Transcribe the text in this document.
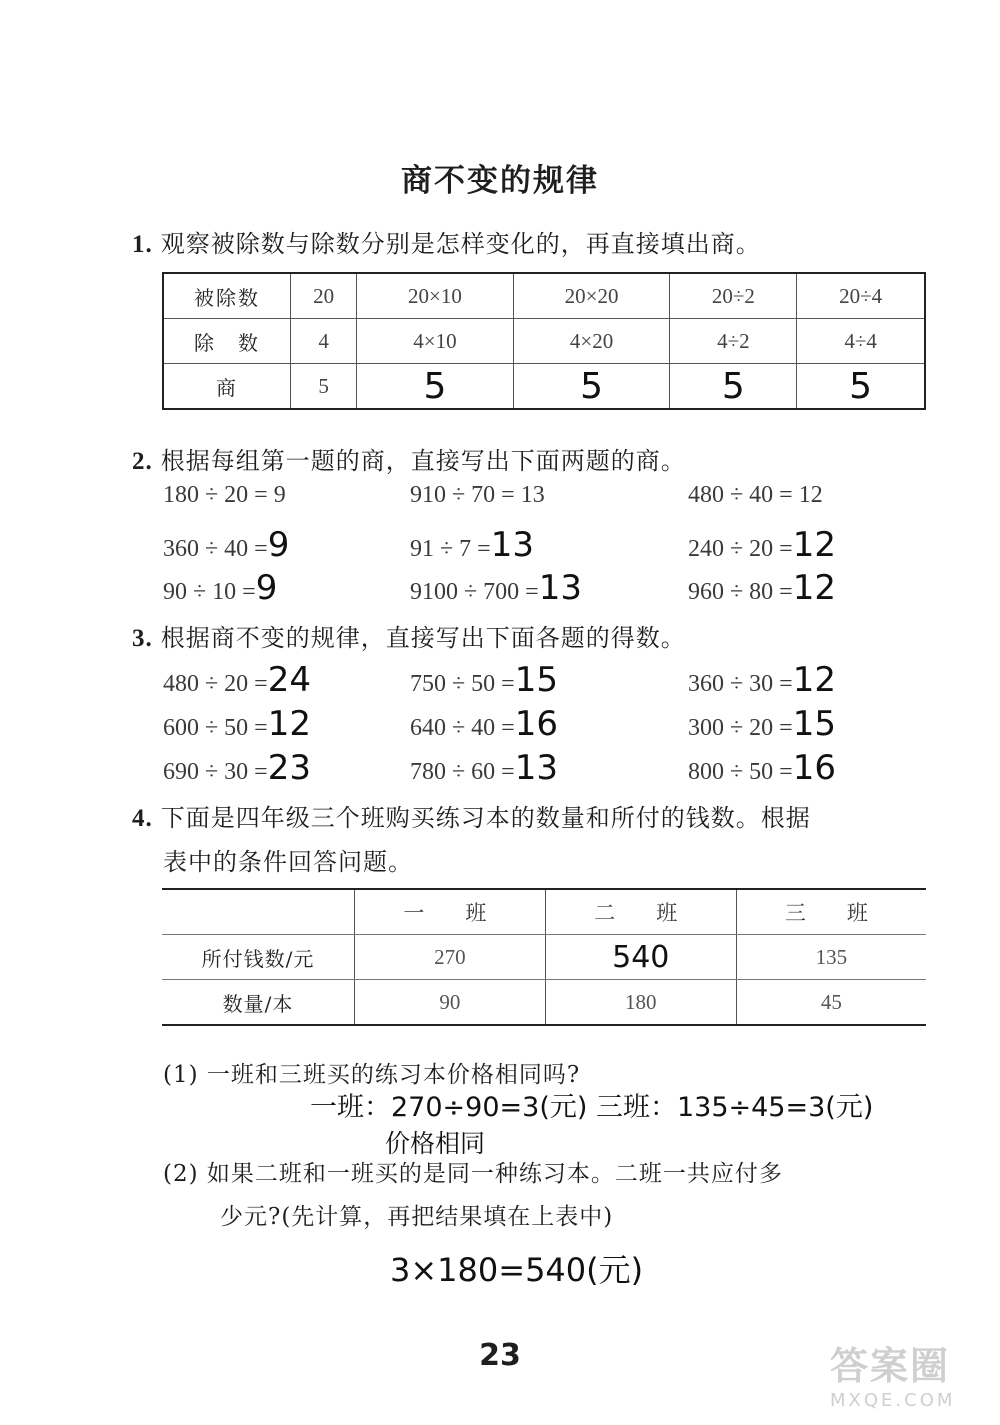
商不变的规律
1. 观察被除数与除数分别是怎样变化的，再直接填出商。
被除数	20	20×10	20×20	20÷2	20÷4
除　数	4	4×10	4×20	4÷2	4÷4
商	5	5	5	5	5
2. 根据每组第一题的商，直接写出下面两题的商。
180 ÷ 20 = 9
360 ÷ 40 =9
90 ÷ 10 =9
910 ÷ 70 = 13
91 ÷ 7 =13
9100 ÷ 700 =13
480 ÷ 40 = 12
240 ÷ 20 =12
960 ÷ 80 =12
3. 根据商不变的规律，直接写出下面各题的得数。
480 ÷ 20 =24
600 ÷ 50 =12
690 ÷ 30 =23
750 ÷ 50 =15
640 ÷ 40 =16
780 ÷ 60 =13
360 ÷ 30 =12
300 ÷ 20 =15
800 ÷ 50 =16
4. 下面是四年级三个班购买练习本的数量和所付的钱数。根据
表中的条件回答问题。
	一　班	二　班	三　班
所付钱数/元	270	540	135
数量/本	90	180	45
(1) 一班和三班买的练习本价格相同吗?
一班：270÷90=3(元) 三班：135÷45=3(元)
价格相同
(2) 如果二班和一班买的是同一种练习本。二班一共应付多
少元?(先计算，再把结果填在上表中)
3×180=540(元)
23	答案圈
MXQE.COM
